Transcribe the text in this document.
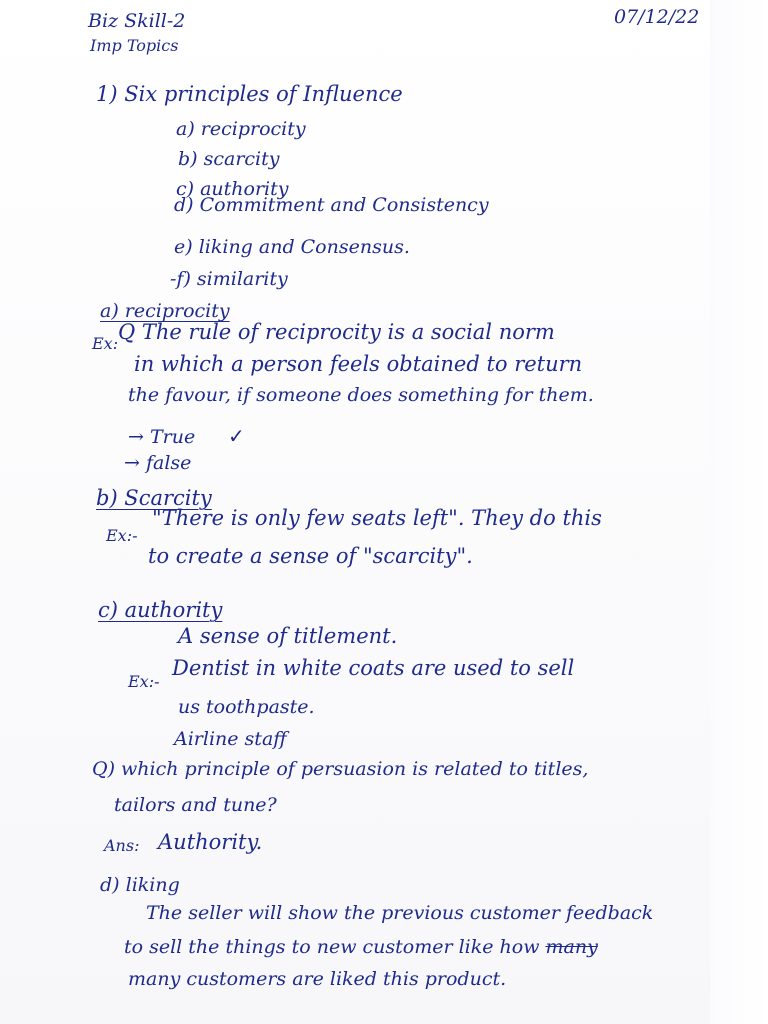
Biz Skill-2
Imp Topics
07/12/22
1) Six principles of Influence
a) reciprocity
b) scarcity
c) authority
d) Commitment and Consistency
e) liking and Consensus.
-f) similarity
a) reciprocity
Ex: Q The rule of reciprocity is a social norm
in which a person feels obtained to return
the favour, if someone does something for them.
→ True ✓
→ false
b) Scarcity
Ex:-
"There is only few seats left". They do this
to create a sense of "scarcity".
c) authority
A sense of titlement.
Ex:-
Dentist in white coats are used to sell
us toothpaste.
Airline staff
Q) which principle of persuasion is related to titles,
tailors and tune?
Ans: Authority.
d) liking
The seller will show the previous customer feedback
to sell the things to new customer like how many
many customers are liked this product.
